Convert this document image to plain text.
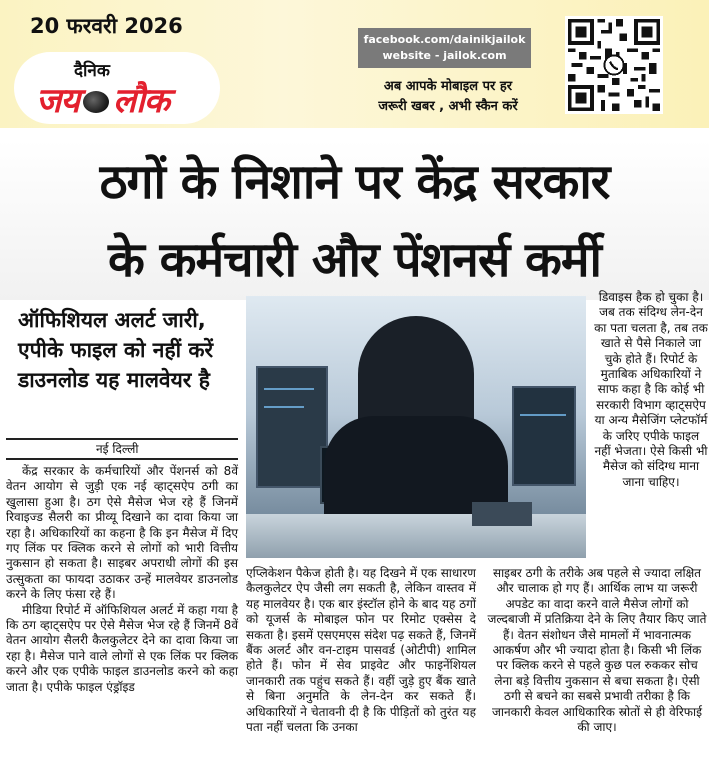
20 फरवरी 2026
दैनिक
जय लौक
facebook.com/dainikjailok
website - jailok.com
अब आपके मोबाइल पर हर
जरूरी खबर , अभी स्कैन करें
ठगों के निशाने पर केंद्र सरकार
के कर्मचारी और पेंशनर्स कर्मी
ऑफिशियल अलर्ट जारी, एपीके फाइल को नहीं करें डाउनलोड यह मालवेयर है
नई दिल्ली

केंद्र सरकार के कर्मचारियों और पेंशनर्स को 8वें वेतन आयोग से जुड़ी एक नई व्हाट्सऐप ठगी का खुलासा हुआ है। ठग ऐसे मैसेज भेज रहे हैं जिनमें रिवाइज्ड सैलरी का प्रीव्यू दिखाने का दावा किया जा रहा है। अधिकारियों का कहना है कि इन मैसेज में दिए गए लिंक पर क्लिक करने से लोगों को भारी वित्तीय नुकसान हो सकता है। साइबर अपराधी लोगों की इस उत्सुकता का फायदा उठाकर उन्हें मालवेयर डाउनलोड करने के लिए फंसा रहे हैं।

मीडिया रिपोर्ट में ऑफिशियल अलर्ट में कहा गया है कि ठग व्हाट्सऐप पर ऐसे मैसेज भेज रहे हैं जिनमें 8वें वेतन आयोग सैलरी कैलकुलेटर देने का दावा किया जा रहा है। मैसेज पाने वाले लोगों से एक लिंक पर क्लिक करने और एक एपीके फाइल डाउनलोड करने को कहा जाता है। एपीके फाइल एंड्रॉइड

डिवाइस हैक हो चुका है। जब तक संदिग्ध लेन-देन का पता चलता है, तब तक खाते से पैसे निकाले जा चुके होते हैं। रिपोर्ट के मुताबिक अधिकारियों ने साफ कहा है कि कोई भी सरकारी विभाग व्हाट्सऐप या अन्य मैसेजिंग प्लेटफॉर्म के जरिए एपीके फाइल नहीं भेजता। ऐसे किसी भी मैसेज को संदिग्ध माना जाना चाहिए।

एप्लिकेशन पैकेज होती है। यह दिखने में एक साधारण कैलकुलेटर ऐप जैसी लग सकती है, लेकिन वास्तव में यह मालवेयर है। एक बार इंस्टॉल होने के बाद यह ठगों को यूजर्स के मोबाइल फोन पर रिमोट एक्सेस दे सकता है। इसमें एसएमएस संदेश पढ़ सकते हैं, जिनमें बैंक अलर्ट और वन-टाइम पासवर्ड (ओटीपी) शामिल होते हैं। फोन में सेव प्राइवेट और फाइनेंशियल जानकारी तक पहुंच सकते हैं। वहीं जुड़े हुए बैंक खाते से बिना अनुमति के लेन-देन कर सकते हैं। अधिकारियों ने चेतावनी दी है कि पीड़ितों को तुरंत यह पता नहीं चलता कि उनका

साइबर ठगी के तरीके अब पहले से ज्यादा लक्षित और चालाक हो गए हैं। आर्थिक लाभ या जरूरी अपडेट का वादा करने वाले मैसेज लोगों को जल्दबाजी में प्रतिक्रिया देने के लिए तैयार किए जाते हैं। वेतन संशोधन जैसे मामलों में भावनात्मक आकर्षण और भी ज्यादा होता है। किसी भी लिंक पर क्लिक करने से पहले कुछ पल रुककर सोच लेना बड़े वित्तीय नुकसान से बचा सकता है। ऐसी ठगी से बचने का सबसे प्रभावी तरीका है कि जानकारी केवल आधिकारिक स्रोतों से ही वेरिफाई की जाए।
